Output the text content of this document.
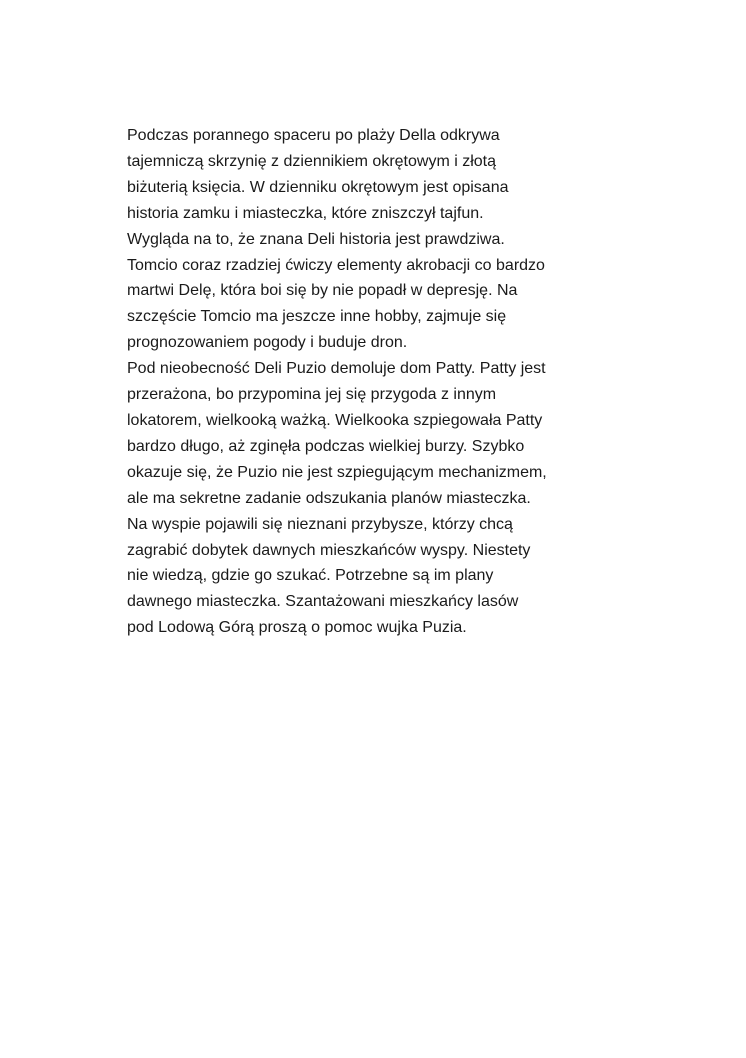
Podczas porannego spaceru po plaży Della odkrywa
tajemniczą skrzynię z dziennikiem okrętowym i złotą
biżuterią księcia. W dzienniku okrętowym jest opisana
historia zamku i miasteczka, które zniszczył tajfun.
Wygląda na to, że znana Deli historia jest prawdziwa.
Tomcio coraz rzadziej ćwiczy elementy akrobacji co bardzo
martwi Delę, która boi się by nie popadł w depresję. Na
szczęście Tomcio ma jeszcze inne hobby, zajmuje się
prognozowaniem pogody i buduje dron.
Pod nieobecność Deli Puzio demoluje dom Patty. Patty jest
przerażona, bo przypomina jej się przygoda z innym
lokatorem, wielkooką ważką. Wielkooka szpiegowała Patty
bardzo długo, aż zginęła podczas wielkiej burzy. Szybko
okazuje się, że Puzio nie jest szpiegującym mechanizmem,
ale ma sekretne zadanie odszukania planów miasteczka.
Na wyspie pojawili się nieznani przybysze, którzy chcą
zagrabić dobytek dawnych mieszkańców wyspy. Niestety
nie wiedzą, gdzie go szukać. Potrzebne są im plany
dawnego miasteczka. Szantażowani mieszkańcy lasów
pod Lodową Górą proszą o pomoc wujka Puzia.
